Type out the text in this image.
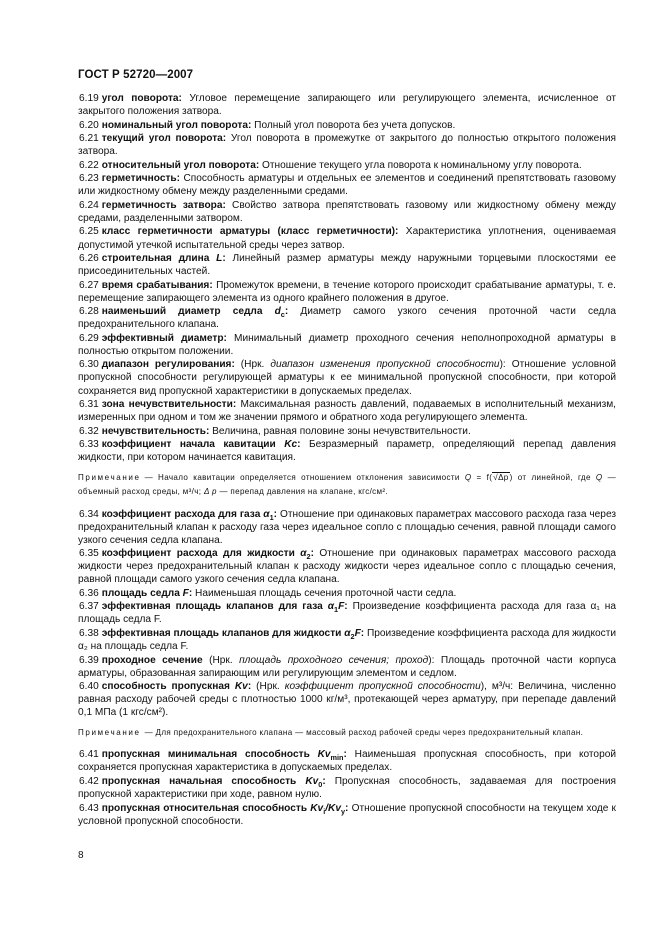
ГОСТ Р 52720—2007
6.19 угол поворота: Угловое перемещение запирающего или регулирующего элемента, исчисленное от закрытого положения затвора.
6.20 номинальный угол поворота: Полный угол поворота без учета допусков.
6.21 текущий угол поворота: Угол поворота в промежутке от закрытого до полностью открытого положения затвора.
6.22 относительный угол поворота: Отношение текущего угла поворота к номинальному углу поворота.
6.23 герметичность: Способность арматуры и отдельных ее элементов и соединений препятствовать газовому или жидкостному обмену между разделенными средами.
6.24 герметичность затвора: Свойство затвора препятствовать газовому или жидкостному обмену между средами, разделенными затвором.
6.25 класс герметичности арматуры (класс герметичности): Характеристика уплотнения, оцениваемая допустимой утечкой испытательной среды через затвор.
6.26 строительная длина L: Линейный размер арматуры между наружными торцевыми плоскостями ее присоединительных частей.
6.27 время срабатывания: Промежуток времени, в течение которого происходит срабатывание арматуры, т. е. перемещение запирающего элемента из одного крайнего положения в другое.
6.28 наименьший диаметр седла $d_c$: Диаметр самого узкого сечения проточной части седла предохранительного клапана.
6.29 эффективный диаметр: Минимальный диаметр проходного сечения неполнопроходной арматуры в полностью открытом положении.
6.30 диапазон регулирования: (Нрк. диапазон изменения пропускной способности): Отношение условной пропускной способности регулирующей арматуры к ее минимальной пропускной способности, при которой сохраняется вид пропускной характеристики в допускаемых пределах.
6.31 зона нечувствительности: Максимальная разность давлений, подаваемых в исполнительный механизм, измеренных при одном и том же значении прямого и обратного хода регулирующего элемента.
6.32 нечувствительность: Величина, равная половине зоны нечувствительности.
6.33 коэффициент начала кавитации Kc: Безразмерный параметр, определяющий перепад давления жидкости, при котором начинается кавитация.
Примечание — Начало кавитации определяется отношением отклонения зависимости Q = f(√Δp) от линейной, где Q — объемный расход среды, м³/ч; Δ p — перепад давления на клапане, кгс/см².
6.34 коэффициент расхода для газа $\alpha_1$: Отношение при одинаковых параметрах массового расхода газа через предохранительный клапан к расходу газа через идеальное сопло с площадью сечения, равной площади самого узкого сечения седла клапана.
6.35 коэффициент расхода для жидкости $\alpha_2$: Отношение при одинаковых параметрах массового расхода жидкости через предохранительный клапан к расходу жидкости через идеальное сопло с площадью сечения, равной площади самого узкого сечения седла клапана.
6.36 площадь седла F: Наименьшая площадь сечения проточной части седла.
6.37 эффективная площадь клапанов для газа $\alpha_1F$: Произведение коэффициента расхода для газа α₁ на площадь седла F.
6.38 эффективная площадь клапанов для жидкости $\alpha_2F$: Произведение коэффициента расхода для жидкости α₂ на площадь седла F.
6.39 проходное сечение (Нрк. площадь проходного сечения; проход): Площадь проточной части корпуса арматуры, образованная запирающим или регулирующим элементом и седлом.
6.40 способность пропускная Kv: (Нрк. коэффициент пропускной способности), м³/ч: Величина, численно равная расходу рабочей среды с плотностью 1000 кг/м³, протекающей через арматуру, при перепаде давлений 0,1 МПа (1 кгс/см²).
Примечание — Для предохранительного клапана — массовый расход рабочей среды через предохранительный клапан.
6.41 пропускная минимальная способность $Kv_{min}$: Наименьшая пропускная способность, при которой сохраняется пропускная характеристика в допускаемых пределах.
6.42 пропускная начальная способность $Kv_0$: Пропускная способность, задаваемая для построения пропускной характеристики при ходе, равном нулю.
6.43 пропускная относительная способность $Kv_i/Kv_y$: Отношение пропускной способности на текущем ходе к условной пропускной способности.
8
